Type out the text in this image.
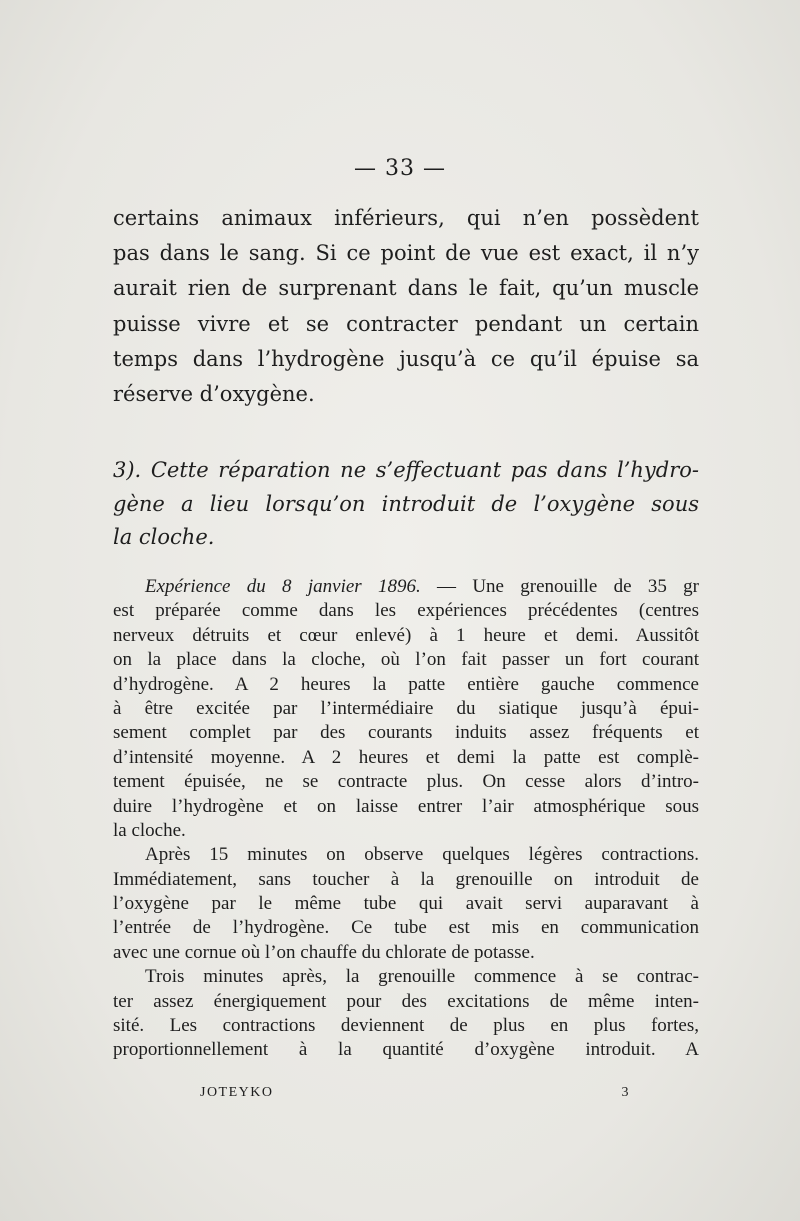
— 33 —
certains animaux inférieurs, qui n’en possèdent
pas dans le sang. Si ce point de vue est exact, il n’y
aurait rien de surprenant dans le fait, qu’un muscle
puisse vivre et se contracter pendant un certain
temps dans l’hydrogène jusqu’à ce qu’il épuise sa
réserve d’oxygène.
3). Cette réparation ne s’effectuant pas dans l’hydro-
gène a lieu lorsqu’on introduit de l’oxygène sous
la cloche.
Expérience du 8 janvier 1896. — Une grenouille de 35 gr
est préparée comme dans les expériences précédentes (centres
nerveux détruits et cœur enlevé) à 1 heure et demi. Aussitôt
on la place dans la cloche, où l’on fait passer un fort courant
d’hydrogène. A 2 heures la patte entière gauche commence
à être excitée par l’intermédiaire du siatique jusqu’à épui-
sement complet par des courants induits assez fréquents et
d’intensité moyenne. A 2 heures et demi la patte est complè-
tement épuisée, ne se contracte plus. On cesse alors d’intro-
duire l’hydrogène et on laisse entrer l’air atmosphérique sous
la cloche.
Après 15 minutes on observe quelques légères contractions.
Immédiatement, sans toucher à la grenouille on introduit de
l’oxygène par le même tube qui avait servi auparavant à
l’entrée de l’hydrogène. Ce tube est mis en communication
avec une cornue où l’on chauffe du chlorate de potasse.
Trois minutes après, la grenouille commence à se contrac-
ter assez énergiquement pour des excitations de même inten-
sité. Les contractions deviennent de plus en plus fortes,
proportionnellement à la quantité d’oxygène introduit. A
JOTEYKO	3
